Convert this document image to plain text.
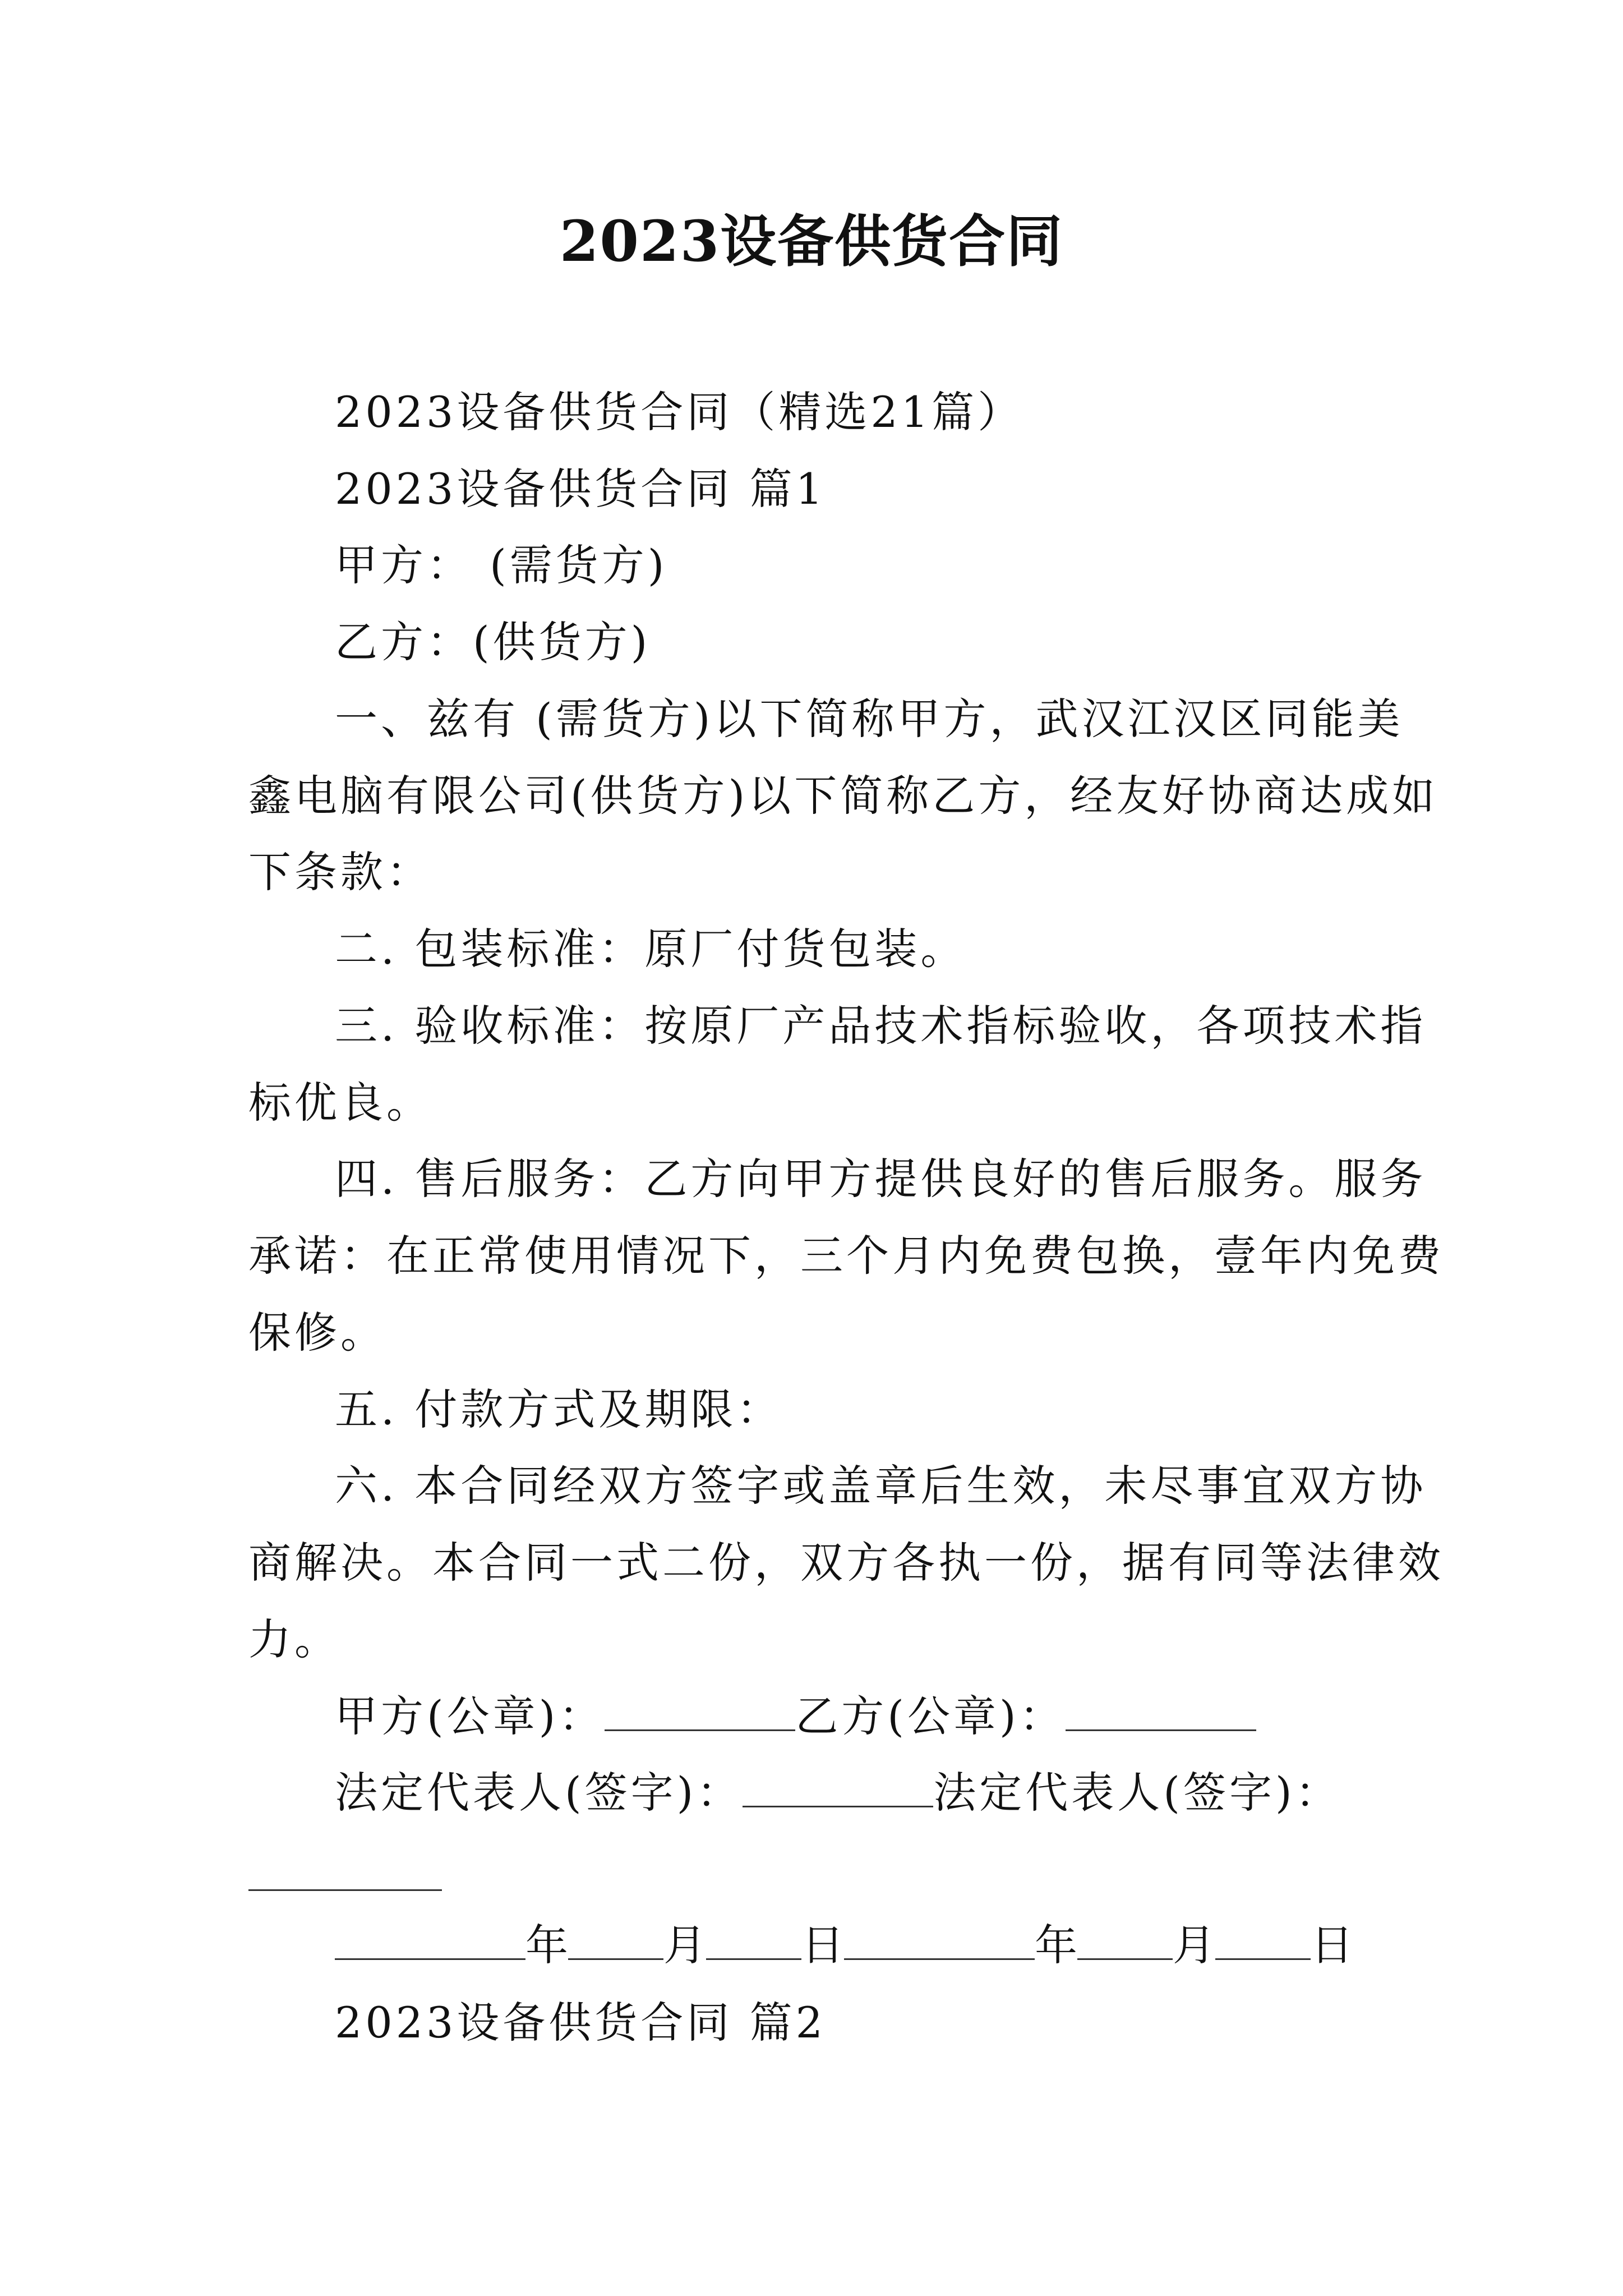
2023设备供货合同
2023设备供货合同（精选21篇）
2023设备供货合同 篇1
甲方： (需货方)
乙方：(供货方)
一、兹有 (需货方)以下简称甲方，武汉江汉区同能美
鑫电脑有限公司(供货方)以下简称乙方，经友好协商达成如
下条款：
二. 包装标准：原厂付货包装。
三. 验收标准：按原厂产品技术指标验收，各项技术指
标优良。
四. 售后服务：乙方向甲方提供良好的售后服务。服务
承诺：在正常使用情况下，三个月内免费包换，壹年内免费
保修。
五. 付款方式及期限：
六. 本合同经双方签字或盖章后生效，未尽事宜双方协
商解决。本合同一式二份，双方各执一份，据有同等法律效
力。
甲方(公章)：	乙方(公章)：
法定代表人(签字)：	法定代表人(签字)：
年 月 日	年 月 日
2023设备供货合同 篇2
